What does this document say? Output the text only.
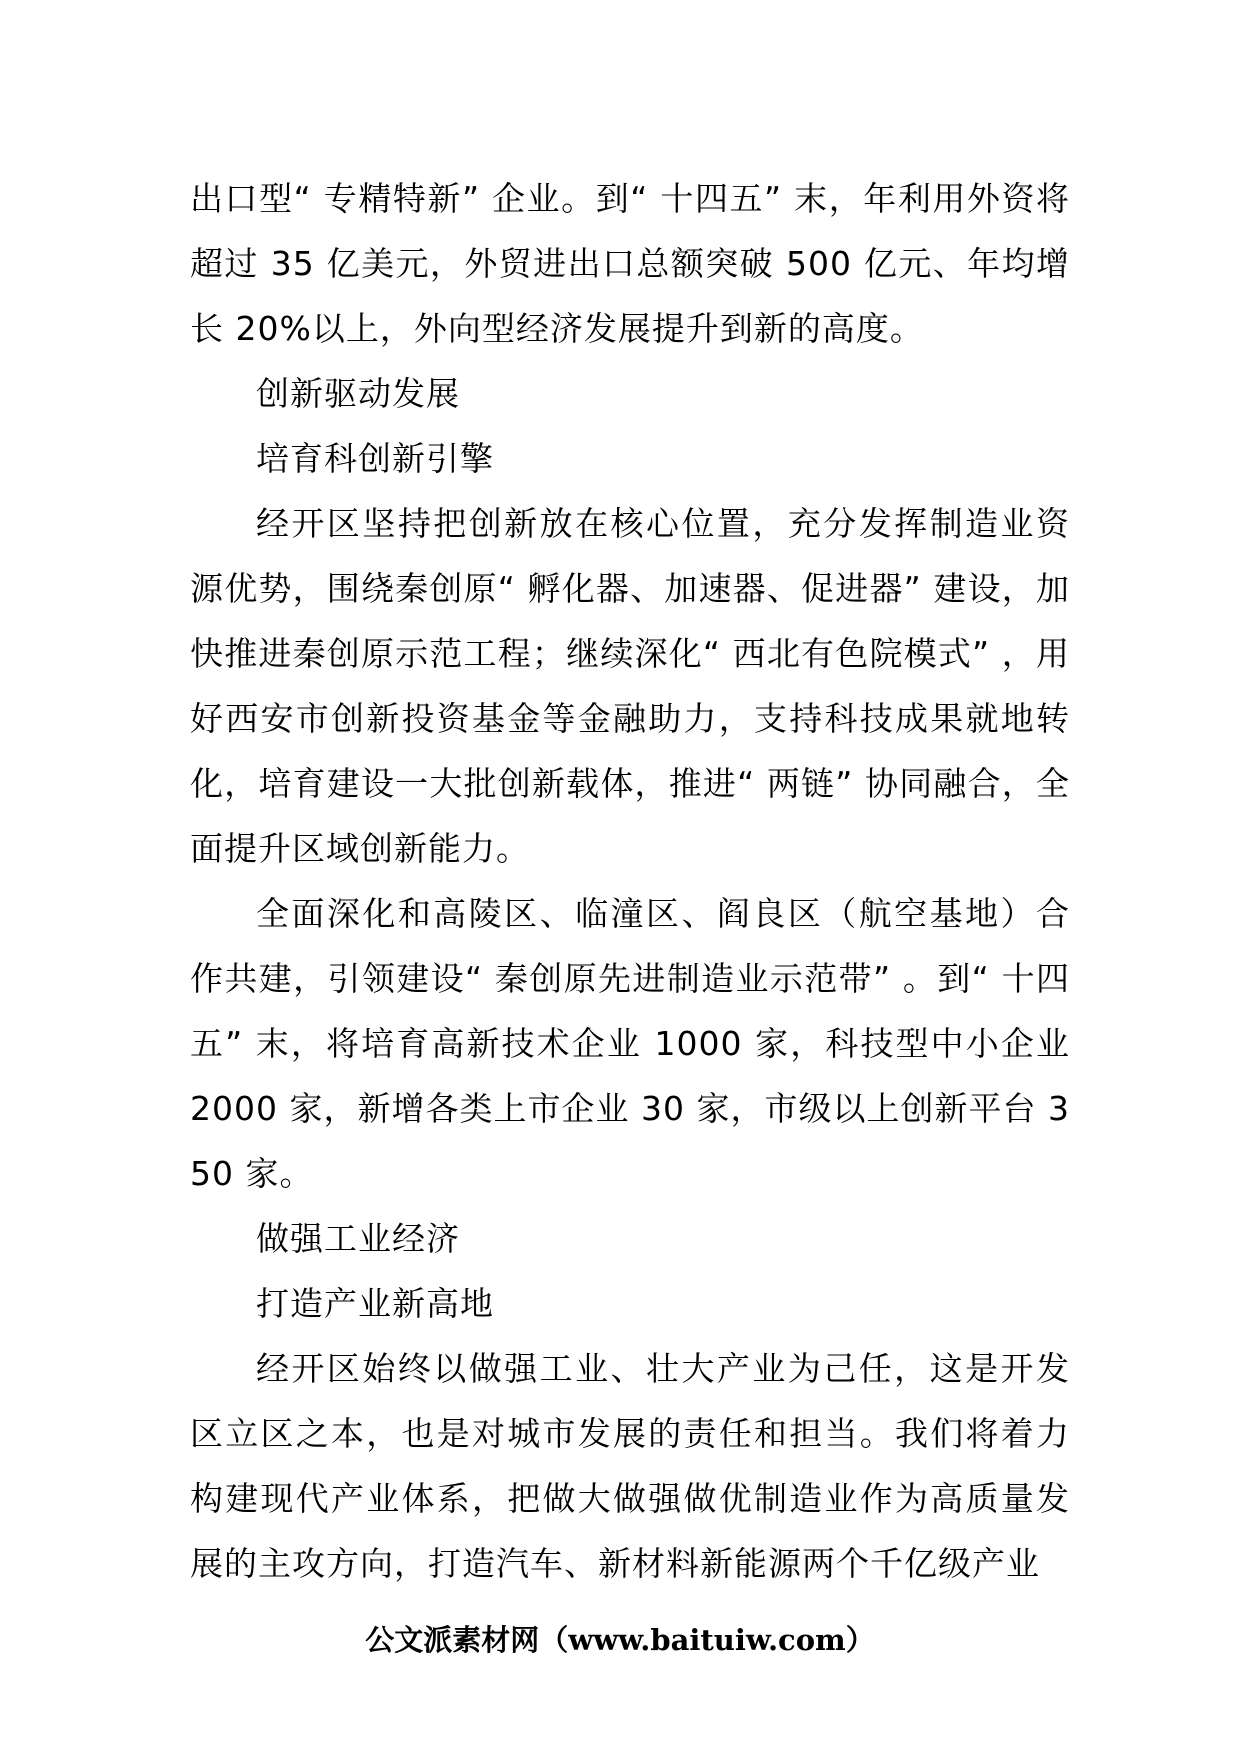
出口型“ 专精特新” 企业。到“ 十四五” 末，年利用外资将超过 35 亿美元，外贸进出口总额突破 500 亿元、年均增长 20%以上，外向型经济发展提升到新的高度。

创新驱动发展

培育科创新引擎

经开区坚持把创新放在核心位置，充分发挥制造业资源优势，围绕秦创原“ 孵化器、加速器、促进器” 建设，加快推进秦创原示范工程；继续深化“ 西北有色院模式” ，用好西安市创新投资基金等金融助力，支持科技成果就地转化，培育建设一大批创新载体，推进“ 两链” 协同融合，全面提升区域创新能力。

全面深化和高陵区、临潼区、阎良区（航空基地）合作共建，引领建设“ 秦创原先进制造业示范带” 。到“ 十四五” 末，将培育高新技术企业 1000 家，科技型中小企业 2000 家，新增各类上市企业 30 家，市级以上创新平台 350 家。

做强工业经济

打造产业新高地

经开区始终以做强工业、壮大产业为己任，这是开发区立区之本，也是对城市发展的责任和担当。我们将着力构建现代产业体系，把做大做强做优制造业作为高质量发展的主攻方向，打造汽车、新材料新能源两个千亿级产业

公文派素材网（www.baituiw.com）
